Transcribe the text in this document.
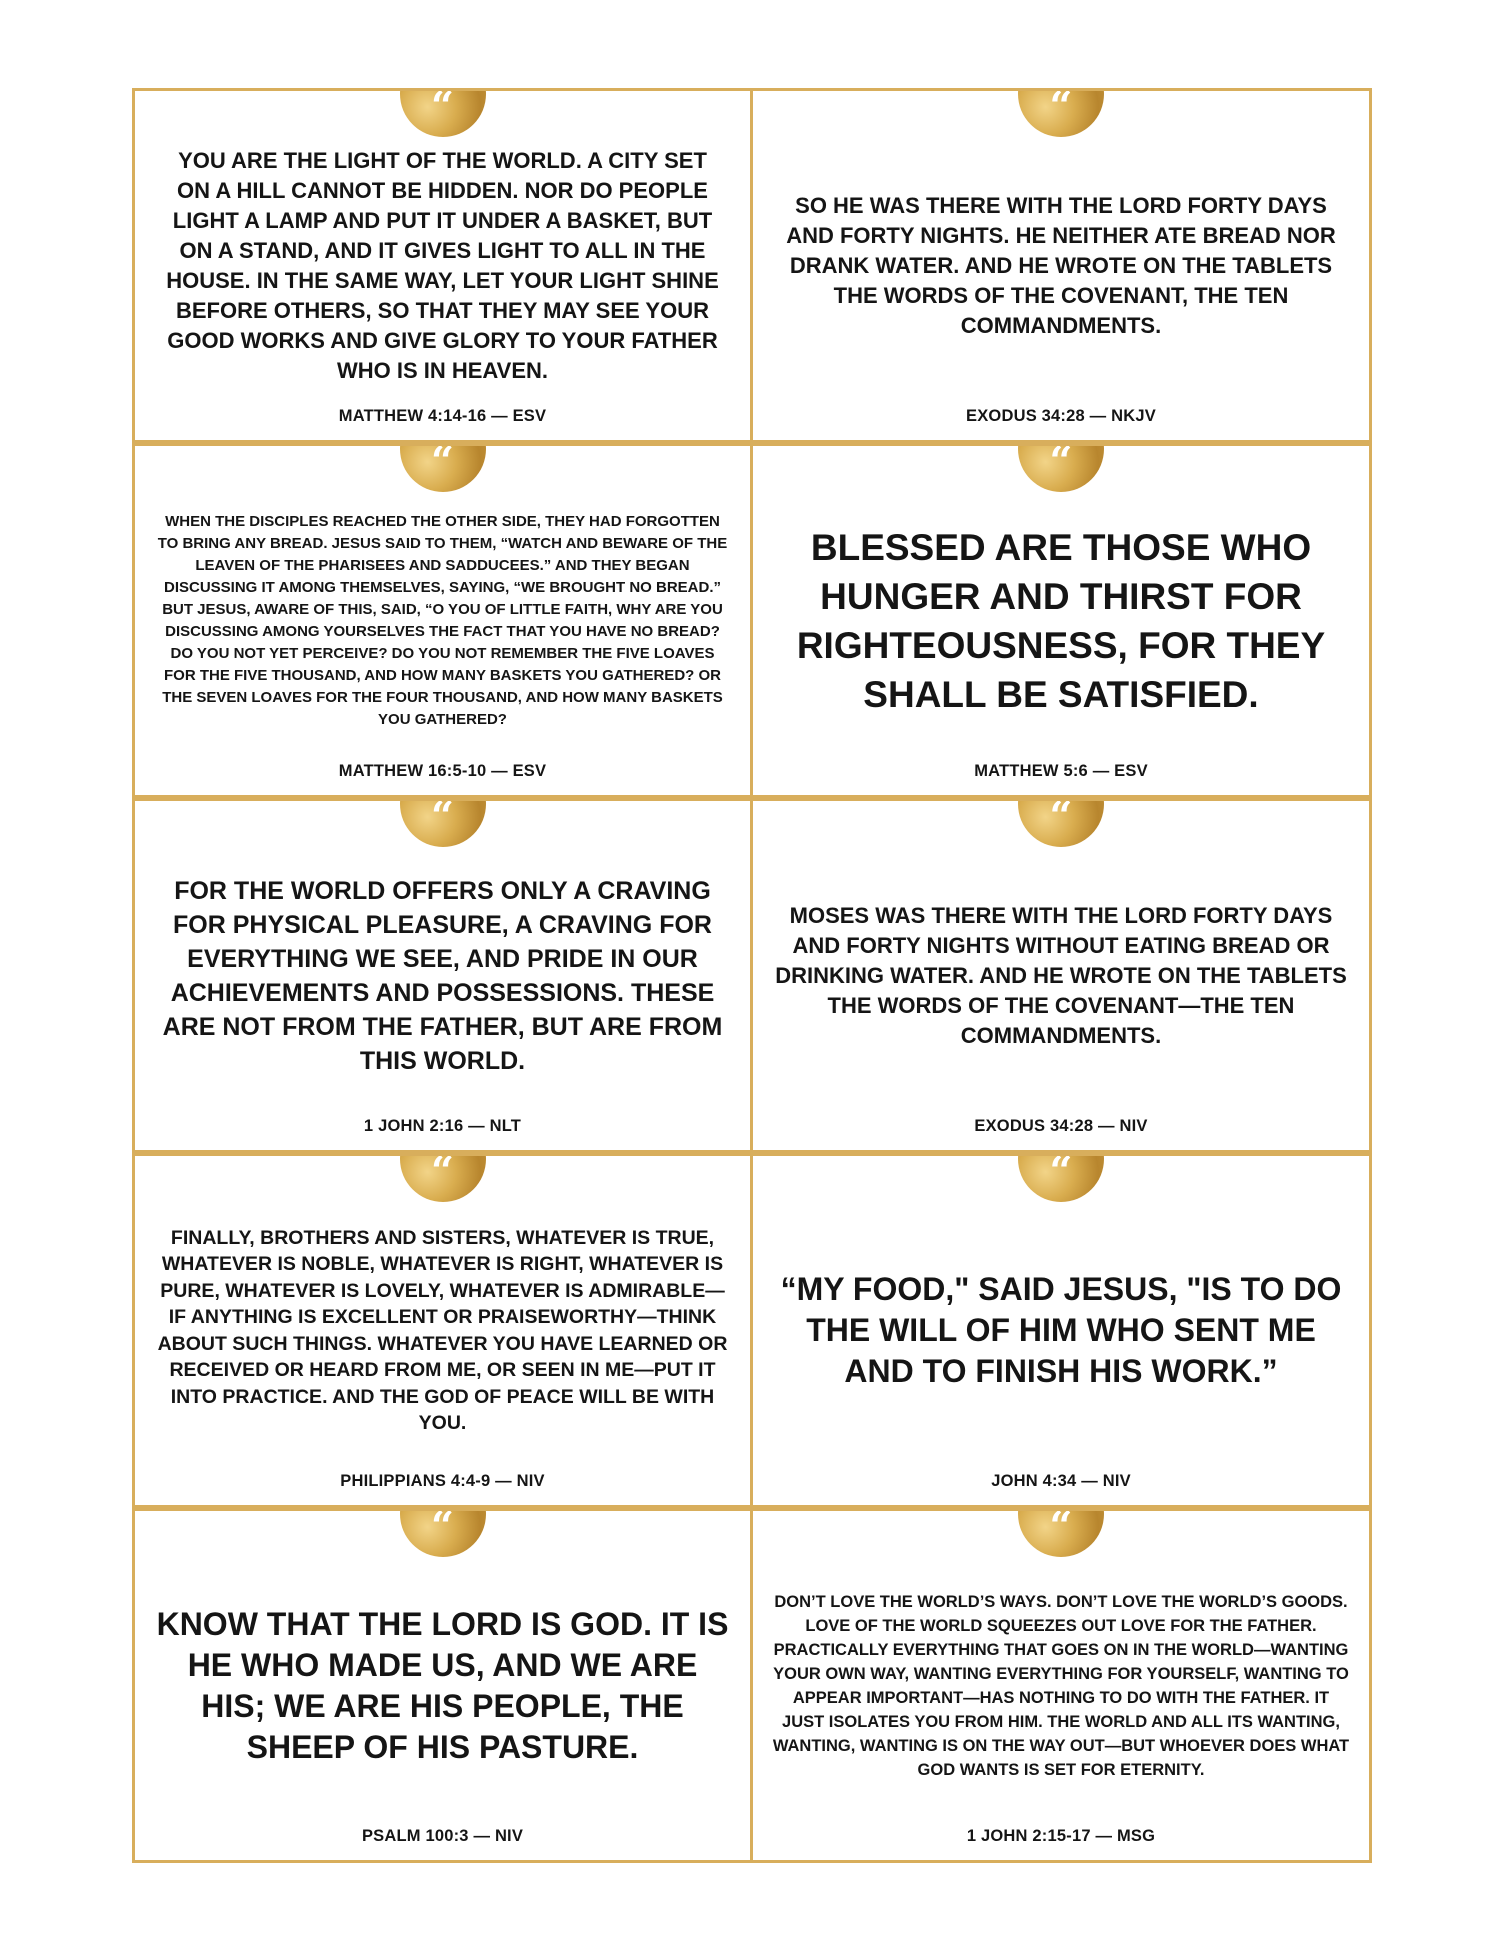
“

YOU ARE THE LIGHT OF THE WORLD. A CITY SET ON A HILL CANNOT BE HIDDEN. NOR DO PEOPLE LIGHT A LAMP AND PUT IT UNDER A BASKET, BUT ON A STAND, AND IT GIVES LIGHT TO ALL IN THE HOUSE. IN THE SAME WAY, LET YOUR LIGHT SHINE BEFORE OTHERS, SO THAT THEY MAY SEE YOUR GOOD WORKS AND GIVE GLORY TO YOUR FATHER WHO IS IN HEAVEN.

MATTHEW 4:14-16 — ESV
“

SO HE WAS THERE WITH THE LORD FORTY DAYS AND FORTY NIGHTS. HE NEITHER ATE BREAD NOR DRANK WATER. AND HE WROTE ON THE TABLETS THE WORDS OF THE COVENANT, THE TEN COMMANDMENTS.

EXODUS 34:28 — NKJV
“

WHEN THE DISCIPLES REACHED THE OTHER SIDE, THEY HAD FORGOTTEN TO BRING ANY BREAD. JESUS SAID TO THEM, “WATCH AND BEWARE OF THE LEAVEN OF THE PHARISEES AND SADDUCEES.” AND THEY BEGAN DISCUSSING IT AMONG THEMSELVES, SAYING, “WE BROUGHT NO BREAD.” BUT JESUS, AWARE OF THIS, SAID, “O YOU OF LITTLE FAITH, WHY ARE YOU DISCUSSING AMONG YOURSELVES THE FACT THAT YOU HAVE NO BREAD? DO YOU NOT YET PERCEIVE? DO YOU NOT REMEMBER THE FIVE LOAVES FOR THE FIVE THOUSAND, AND HOW MANY BASKETS YOU GATHERED? OR THE SEVEN LOAVES FOR THE FOUR THOUSAND, AND HOW MANY BASKETS YOU GATHERED?

MATTHEW 16:5-10 — ESV
“

BLESSED ARE THOSE WHO HUNGER AND THIRST FOR RIGHTEOUSNESS, FOR THEY SHALL BE SATISFIED.

MATTHEW 5:6 — ESV
“

FOR THE WORLD OFFERS ONLY A CRAVING FOR PHYSICAL PLEASURE, A CRAVING FOR EVERYTHING WE SEE, AND PRIDE IN OUR ACHIEVEMENTS AND POSSESSIONS. THESE ARE NOT FROM THE FATHER, BUT ARE FROM THIS WORLD.

1 JOHN 2:16 — NLT
“

MOSES WAS THERE WITH THE LORD FORTY DAYS AND FORTY NIGHTS WITHOUT EATING BREAD OR DRINKING WATER. AND HE WROTE ON THE TABLETS THE WORDS OF THE COVENANT—THE TEN COMMANDMENTS.

EXODUS 34:28 — NIV
“

FINALLY, BROTHERS AND SISTERS, WHATEVER IS TRUE, WHATEVER IS NOBLE, WHATEVER IS RIGHT, WHATEVER IS PURE, WHATEVER IS LOVELY, WHATEVER IS ADMIRABLE—IF ANYTHING IS EXCELLENT OR PRAISEWORTHY—THINK ABOUT SUCH THINGS. WHATEVER YOU HAVE LEARNED OR RECEIVED OR HEARD FROM ME, OR SEEN IN ME—PUT IT INTO PRACTICE. AND THE GOD OF PEACE WILL BE WITH YOU.

PHILIPPIANS 4:4-9 — NIV
“

“MY FOOD," SAID JESUS, "IS TO DO THE WILL OF HIM WHO SENT ME AND TO FINISH HIS WORK.”

JOHN 4:34 — NIV
“

KNOW THAT THE LORD IS GOD. IT IS HE WHO MADE US, AND WE ARE HIS; WE ARE HIS PEOPLE, THE SHEEP OF HIS PASTURE.

PSALM 100:3 — NIV
“

DON’T LOVE THE WORLD’S WAYS. DON’T LOVE THE WORLD’S GOODS. LOVE OF THE WORLD SQUEEZES OUT LOVE FOR THE FATHER. PRACTICALLY EVERYTHING THAT GOES ON IN THE WORLD—WANTING YOUR OWN WAY, WANTING EVERYTHING FOR YOURSELF, WANTING TO APPEAR IMPORTANT—HAS NOTHING TO DO WITH THE FATHER. IT JUST ISOLATES YOU FROM HIM. THE WORLD AND ALL ITS WANTING, WANTING, WANTING IS ON THE WAY OUT—BUT WHOEVER DOES WHAT GOD WANTS IS SET FOR ETERNITY.

1 JOHN 2:15-17 — MSG
